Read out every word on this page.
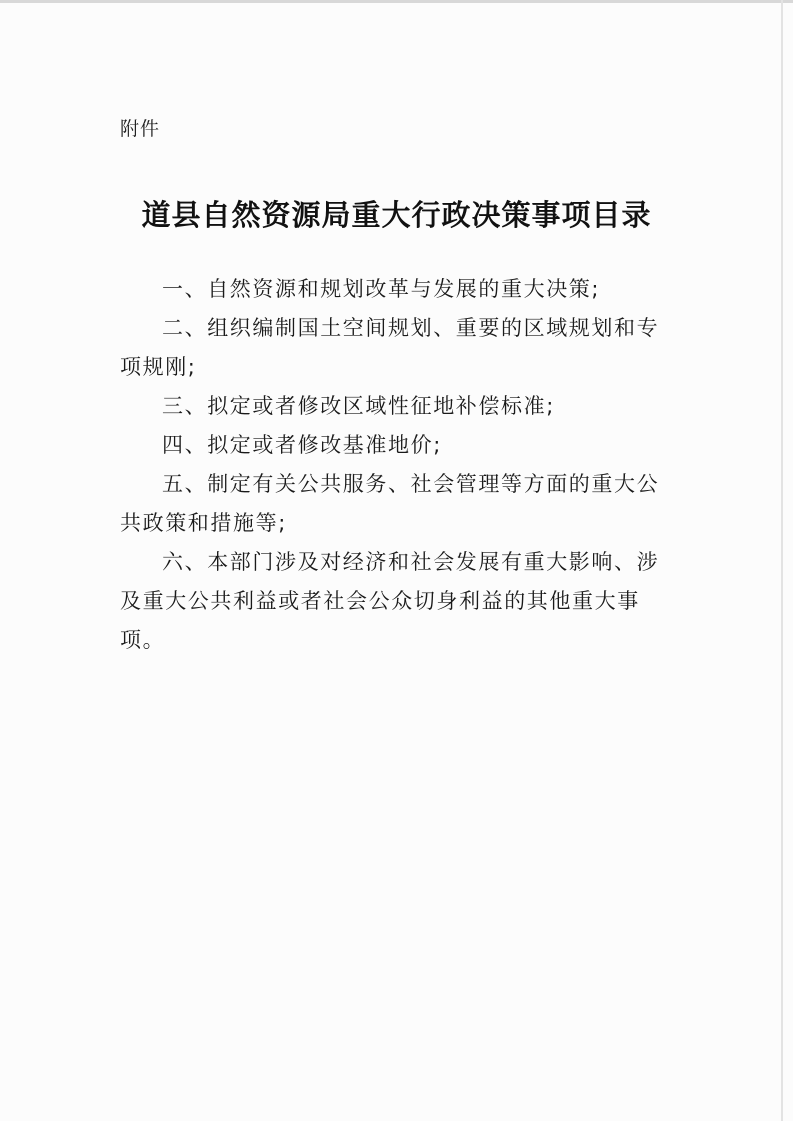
附件
道县自然资源局重大行政决策事项目录
一、自然资源和规划改革与发展的重大决策;
二、组织编制国土空间规划、重要的区域规划和专项规刚;
三、拟定或者修改区域性征地补偿标准;
四、拟定或者修改基准地价;
五、制定有关公共服务、社会管理等方面的重大公共政策和措施等;
六、本部门涉及对经济和社会发展有重大影响、涉及重大公共利益或者社会公众切身利益的其他重大事项。
